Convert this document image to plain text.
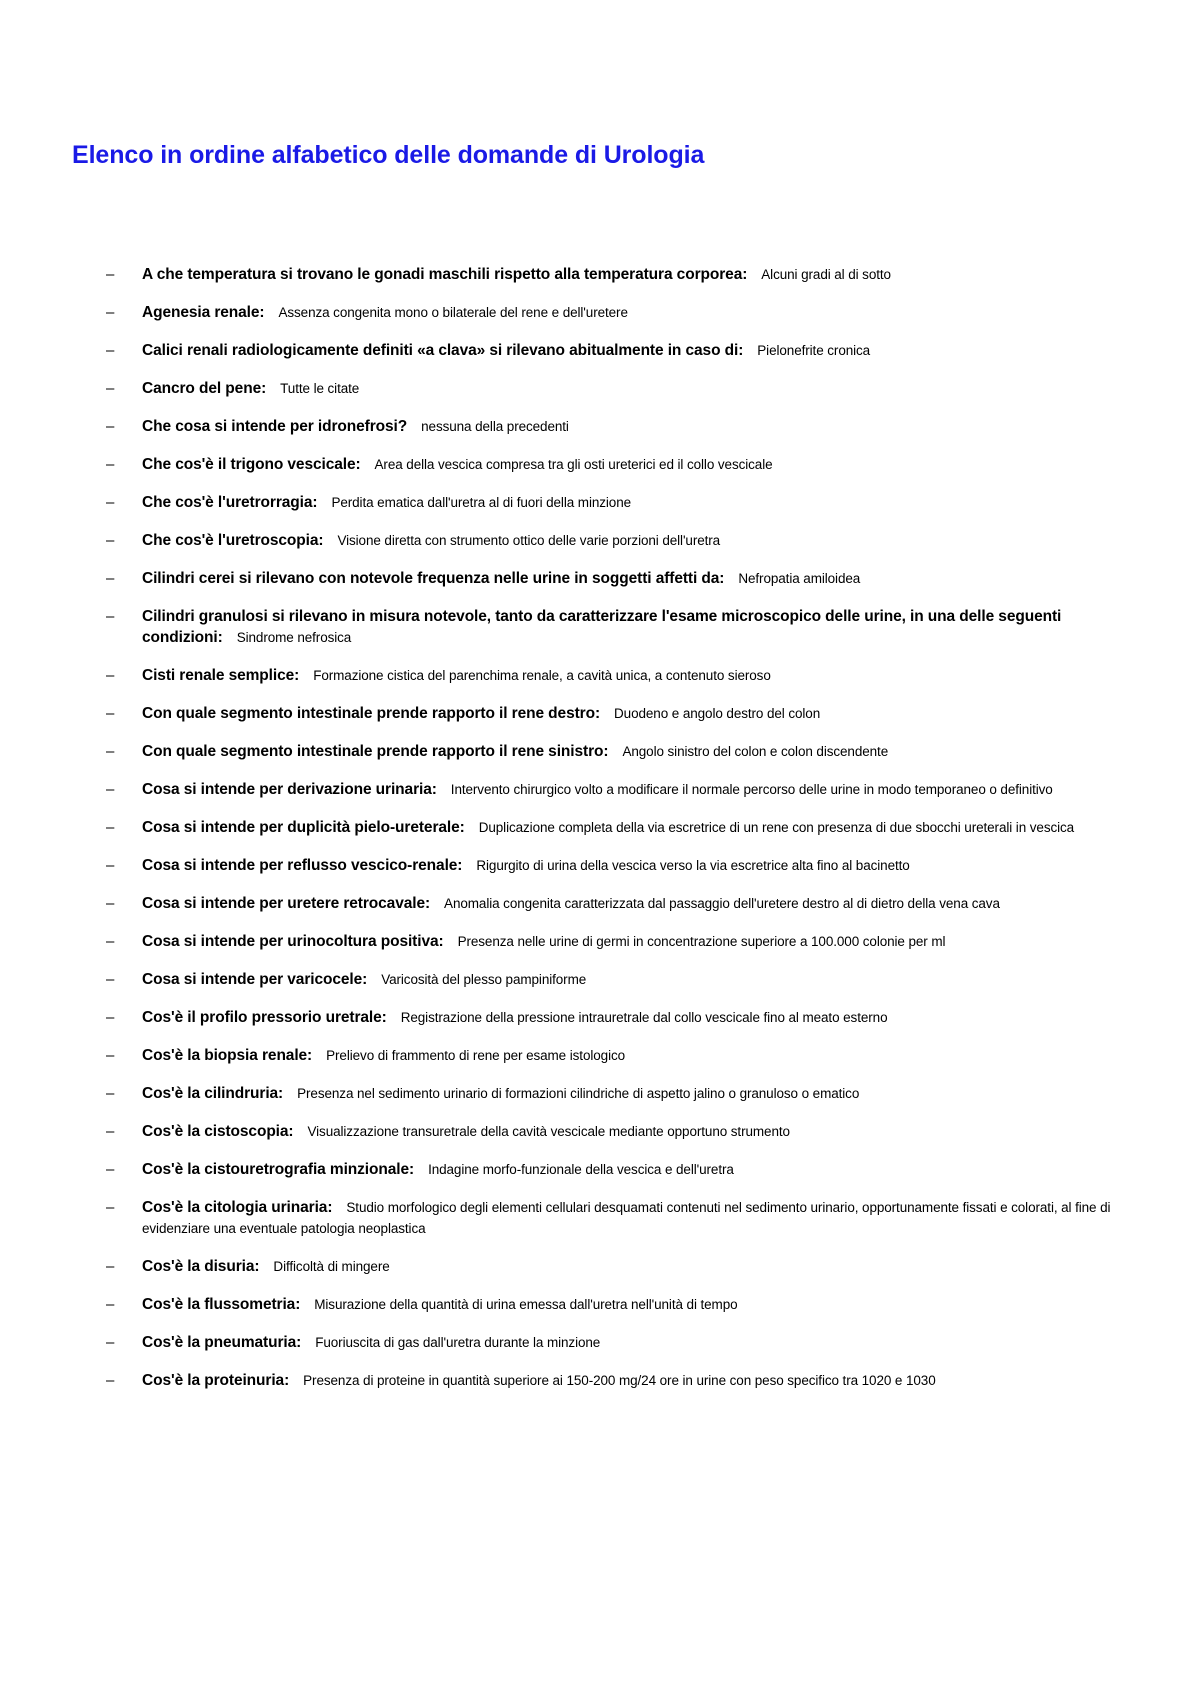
Elenco in ordine alfabetico delle domande di Urologia
– A che temperatura si trovano le gonadi maschili rispetto alla temperatura corporea: Alcuni gradi al di sotto
– Agenesia renale: Assenza congenita mono o bilaterale del rene e dell'uretere
– Calici renali radiologicamente definiti «a clava» si rilevano abitualmente in caso di: Pielonefrite cronica
– Cancro del pene: Tutte le citate
– Che cosa si intende per idronefrosi? nessuna della precedenti
– Che cos'è il trigono vescicale: Area della vescica compresa tra gli osti ureterici ed il collo vescicale
– Che cos'è l'uretrorragia: Perdita ematica dall'uretra al di fuori della minzione
– Che cos'è l'uretroscopia: Visione diretta con strumento ottico delle varie porzioni dell'uretra
– Cilindri cerei si rilevano con notevole frequenza nelle urine in soggetti affetti da: Nefropatia amiloidea
– Cilindri granulosi si rilevano in misura notevole, tanto da caratterizzare l'esame microscopico delle urine, in una delle seguenti condizioni: Sindrome nefrosica
– Cisti renale semplice: Formazione cistica del parenchima renale, a cavità unica, a contenuto sieroso
– Con quale segmento intestinale prende rapporto il rene destro: Duodeno e angolo destro del colon
– Con quale segmento intestinale prende rapporto il rene sinistro: Angolo sinistro del colon e colon discendente
– Cosa si intende per derivazione urinaria: Intervento chirurgico volto a modificare il normale percorso delle urine in modo temporaneo o definitivo
– Cosa si intende per duplicità pielo-ureterale: Duplicazione completa della via escretrice di un rene con presenza di due sbocchi ureterali in vescica
– Cosa si intende per reflusso vescico-renale: Rigurgito di urina della vescica verso la via escretrice alta fino al bacinetto
– Cosa si intende per uretere retrocavale: Anomalia congenita caratterizzata dal passaggio dell'uretere destro al di dietro della vena cava
– Cosa si intende per urinocoltura positiva: Presenza nelle urine di germi in concentrazione superiore a 100.000 colonie per ml
– Cosa si intende per varicocele: Varicosità del plesso pampiniforme
– Cos'è il profilo pressorio uretrale: Registrazione della pressione intrauretrale dal collo vescicale fino al meato esterno
– Cos'è la biopsia renale: Prelievo di frammento di rene per esame istologico
– Cos'è la cilindruria: Presenza nel sedimento urinario di formazioni cilindriche di aspetto jalino o granuloso o ematico
– Cos'è la cistoscopia: Visualizzazione transuretrale della cavità vescicale mediante opportuno strumento
– Cos'è la cistouretrografia minzionale: Indagine morfo-funzionale della vescica e dell'uretra
– Cos'è la citologia urinaria: Studio morfologico degli elementi cellulari desquamati contenuti nel sedimento urinario, opportunamente fissati e colorati, al fine di evidenziare una eventuale patologia neoplastica
– Cos'è la disuria: Difficoltà di mingere
– Cos'è la flussometria: Misurazione della quantità di urina emessa dall'uretra nell'unità di tempo
– Cos'è la pneumaturia: Fuoriuscita di gas dall'uretra durante la minzione
– Cos'è la proteinuria: Presenza di proteine in quantità superiore ai 150-200 mg/24 ore in urine con peso specifico tra 1020 e 1030
